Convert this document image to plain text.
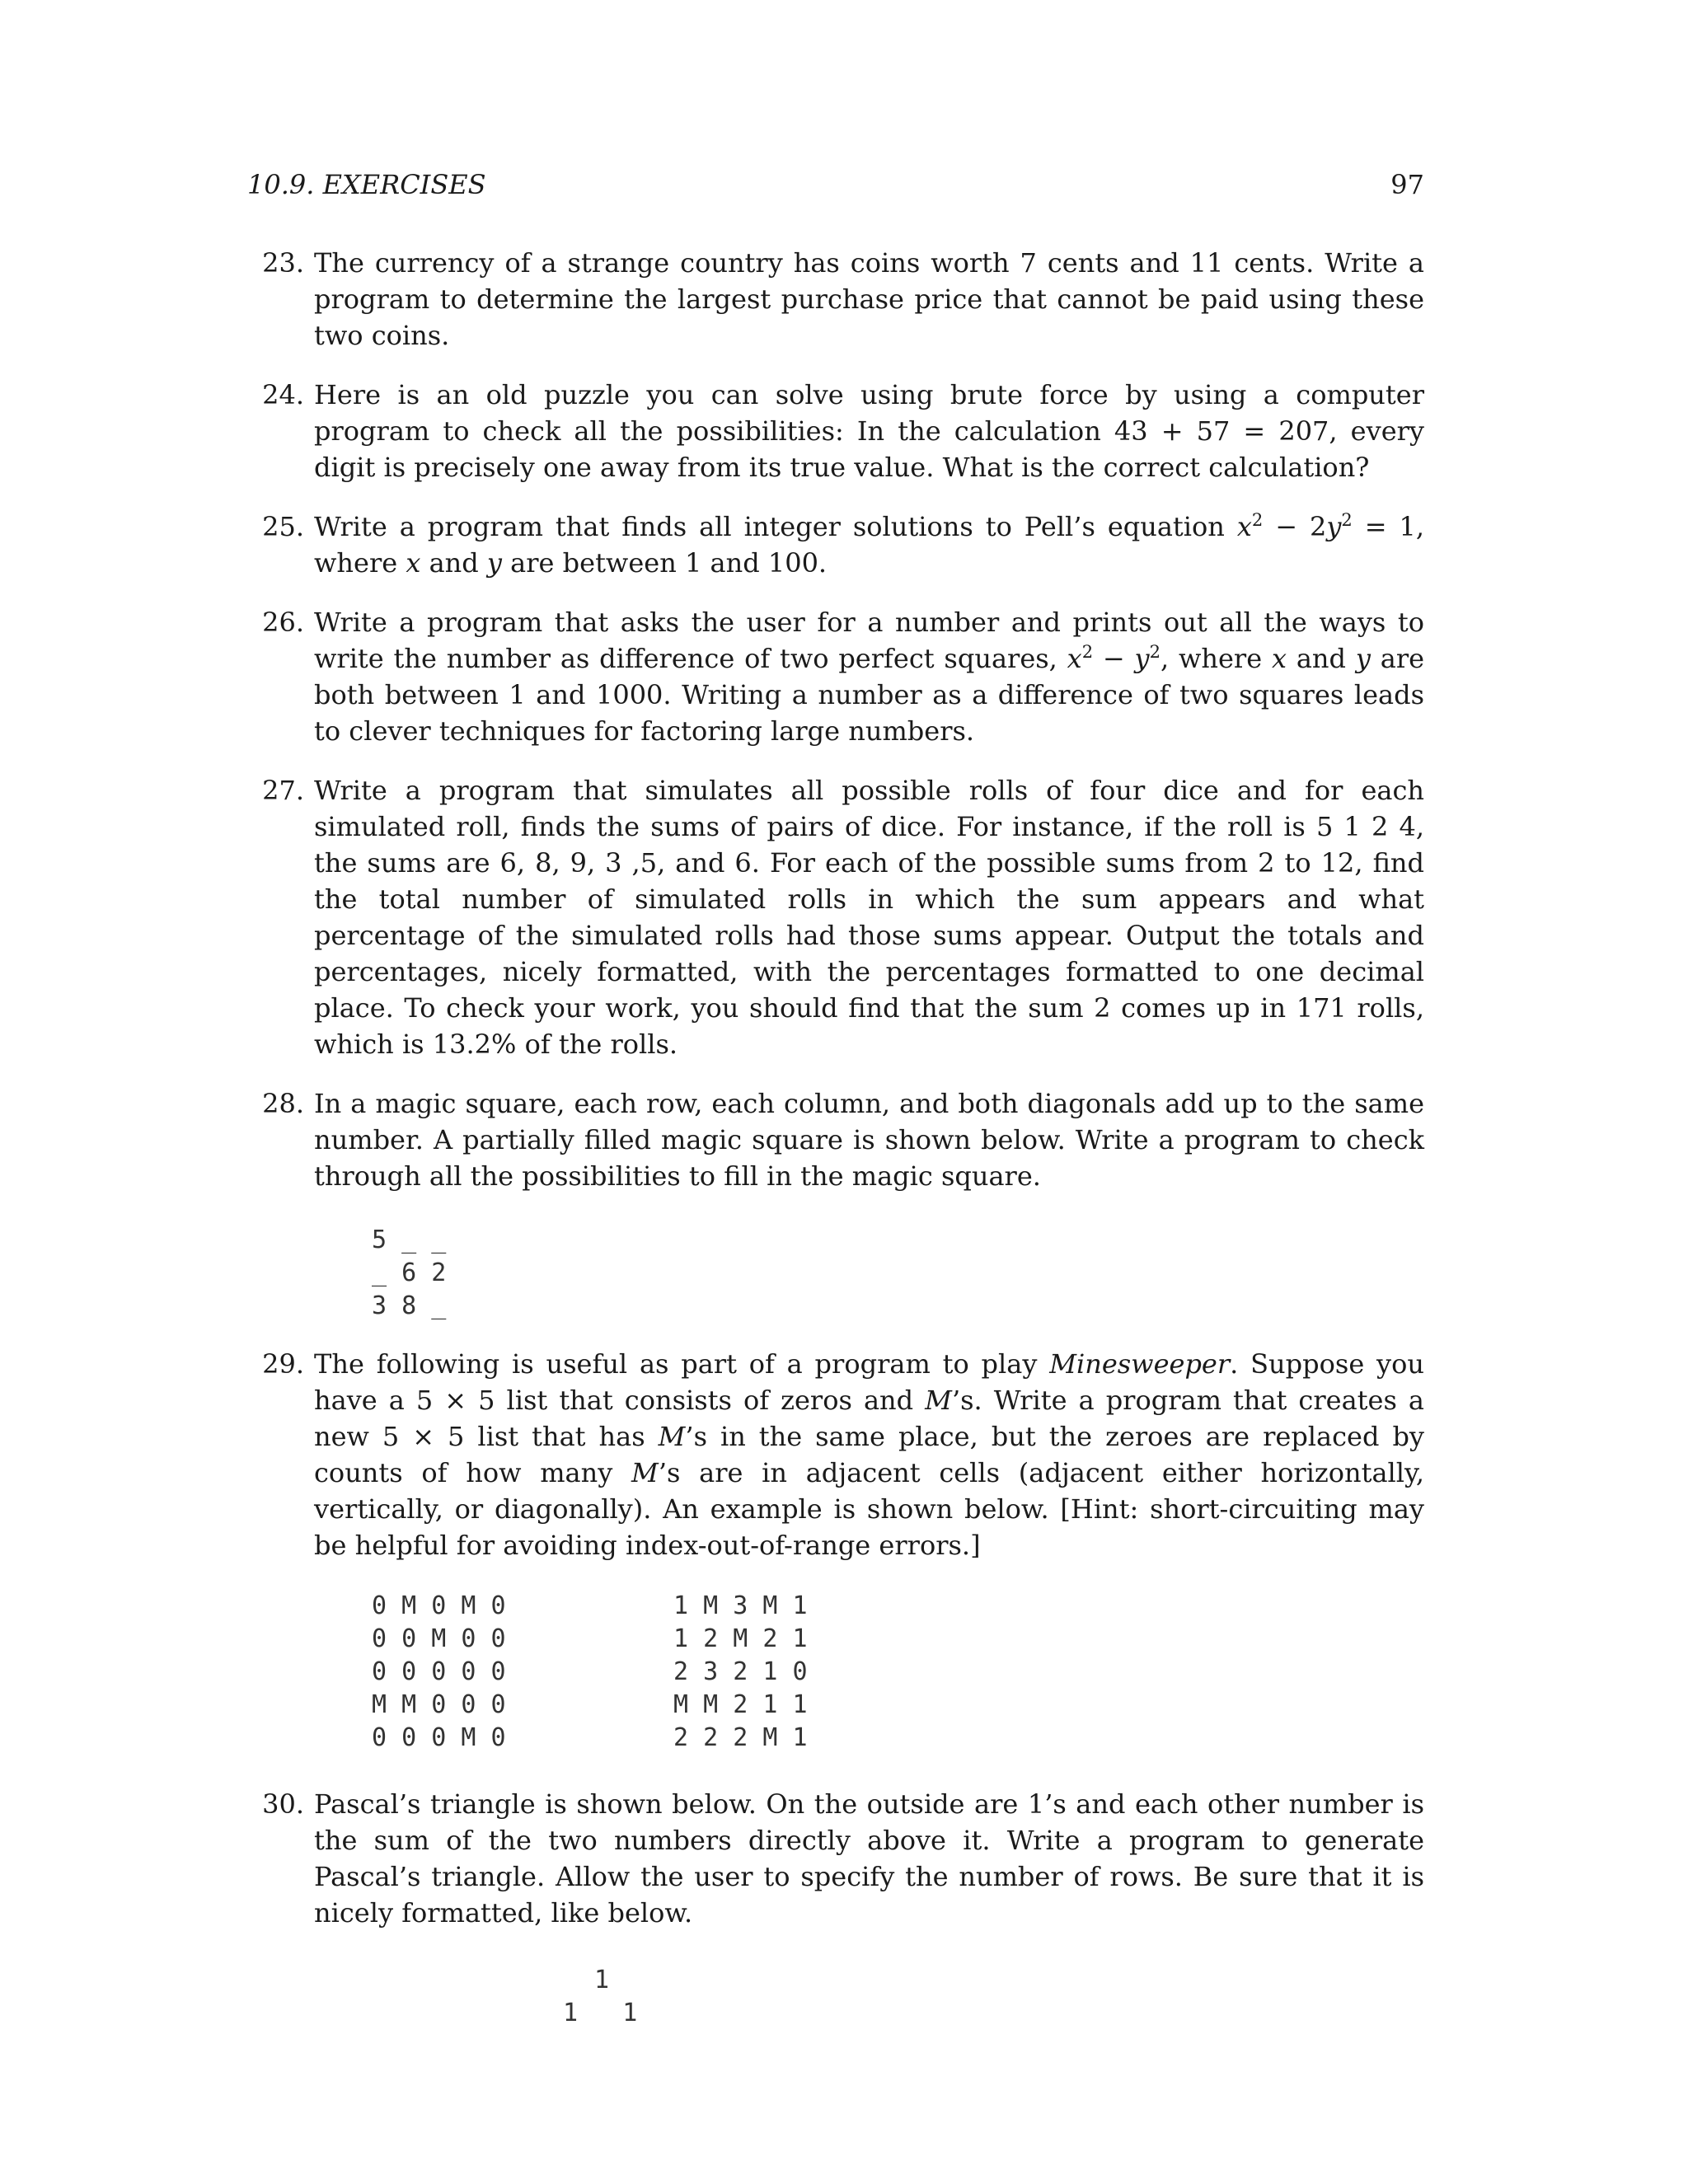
10.9. EXERCISES	97
23. The currency of a strange country has coins worth 7 cents and 11 cents. Write a program to determine the largest purchase price that cannot be paid using these two coins.
24. Here is an old puzzle you can solve using brute force by using a computer program to check all the possibilities: In the calculation 43 + 57 = 207, every digit is precisely one away from its true value. What is the correct calculation?
25. Write a program that finds all integer solutions to Pell’s equation $x^2 - 2y^2 = 1$, where x and y are between 1 and 100.
26. Write a program that asks the user for a number and prints out all the ways to write the number as difference of two perfect squares, $x^2 - y^2$, where x and y are both between 1 and 1000. Writing a number as a difference of two squares leads to clever techniques for factoring large numbers.
27. Write a program that simulates all possible rolls of four dice and for each simulated roll, finds the sums of pairs of dice. For instance, if the roll is 5 1 2 4, the sums are 6, 8, 9, 3 ,5, and 6. For each of the possible sums from 2 to 12, find the total number of simulated rolls in which the sum appears and what percentage of the simulated rolls had those sums appear. Output the totals and percentages, nicely formatted, with the percentages formatted to one decimal place. To check your work, you should find that the sum 2 comes up in 171 rolls, which is 13.2% of the rolls.
28. In a magic square, each row, each column, and both diagonals add up to the same number. A partially filled magic square is shown below. Write a program to check through all the possibilities to fill in the magic square.
5 _ _
_ 6 2
3 8 _
29. The following is useful as part of a program to play Minesweeper. Suppose you have a 5 × 5 list that consists of zeros and M’s. Write a program that creates a new 5 × 5 list that has M’s in the same place, but the zeroes are replaced by counts of how many M’s are in adjacent cells (adjacent either horizontally, vertically, or diagonally). An example is shown below. [Hint: short-circuiting may be helpful for avoiding index-out-of-range errors.]
0 M 0 M 0
0 0 M 0 0
0 0 0 0 0
M M 0 0 0
0 0 0 M 0
1 M 3 M 1
1 2 M 2 1
2 3 2 1 0
M M 2 1 1
2 2 2 M 1
30. Pascal’s triangle is shown below. On the outside are 1’s and each other number is the sum of the two numbers directly above it. Write a program to generate Pascal’s triangle. Allow the user to specify the number of rows. Be sure that it is nicely formatted, like below.
1
1   1
